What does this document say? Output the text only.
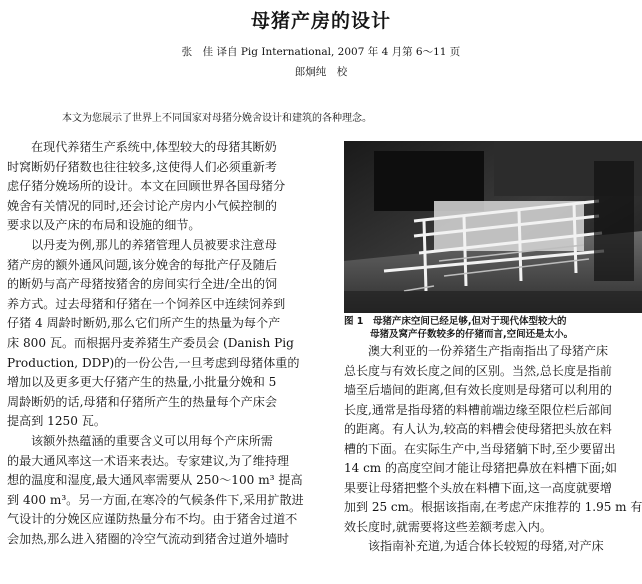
母猪产房的设计
张　佳 译自 Pig International, 2007 年 4 月第 6～11 页
郎炯纯　校
本文为您展示了世界上不同国家对母猪分娩舍设计和建筑的各种理念。

在现代养猪生产系统中,体型较大的母猪其断奶

时窝断奶仔猪数也往往较多,这使得人们必须重新考

虑仔猪分娩场所的设计。本文在回顾世界各国母猪分

娩舍有关情况的同时,还会讨论产房内小气候控制的

要求以及产床的布局和设施的细节。

以丹麦为例,那儿的养猪管理人员被要求注意母

猪产房的额外通风问题,该分娩舍的每批产仔及随后

的断奶与高产母猪按猪舍的房间实行全进/全出的饲

养方式。过去母猪和仔猪在一个饲养区中连续饲养到

仔猪 4 周龄时断奶,那么它们所产生的热量为每个产

床 800 瓦。而根据丹麦养猪生产委员会 (Danish Pig

Production, DDP)的一份公告,一旦考虑到母猪体重的

增加以及更多更大仔猪产生的热量,小批量分娩和 5

周龄断奶的话,母猪和仔猪所产生的热量每个产床会

提高到 1250 瓦。

该额外热蕴涵的重要含义可以用每个产床所需

的最大通风率这一术语来表达。专家建议,为了维持理

想的温度和湿度,最大通风率需要从 250～100 m³ 提高

到 400 m³。另一方面,在寒冷的气候条件下,采用扩散进

气设计的分娩区应谨防热量分布不均。由于猪舍过道不

会加热,那么进入猪圈的冷空气流动到猪舍过道外墙时

图 1　母猪产床空间已经足够,但对于现代体型较大的
母猪及窝产仔数较多的仔猪而言,空间还是太小。

澳大利亚的一份养猪生产指南指出了母猪产床

总长度与有效长度之间的区别。当然,总长度是指前

墙至后墙间的距离,但有效长度则是母猪可以利用的

长度,通常是指母猪的料槽前端边缘至限位栏后部间

的距离。有人认为,较高的料槽会使母猪把头放在料

槽的下面。在实际生产中,当母猪躺下时,至少要留出

14 cm 的高度空间才能让母猪把鼻放在料槽下面;如

果要让母猪把整个头放在料槽下面,这一高度就要增

加到 25 cm。根据该指南,在考虑产床推荐的 1.95 m 有

效长度时,就需要将这些差额考虑入内。

该指南补充道,为适合体长较短的母猪,对产床
